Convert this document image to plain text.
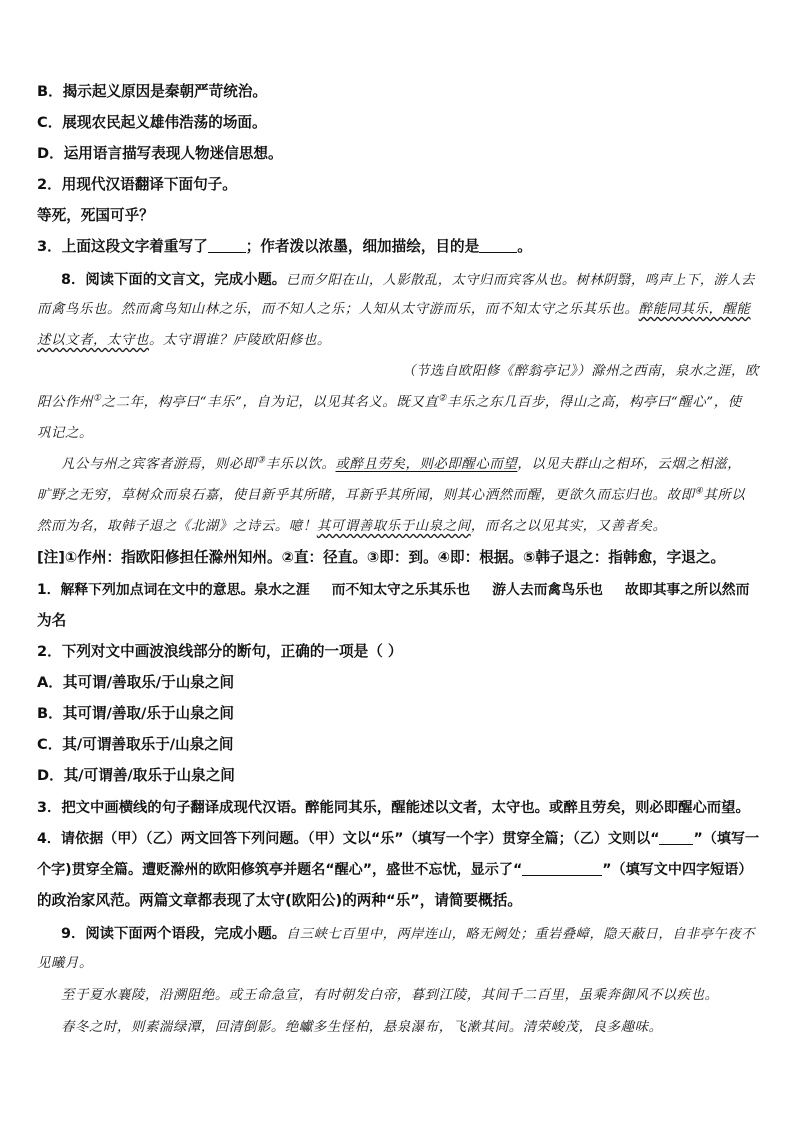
B．揭示起义原因是秦朝严苛统治。
C．展现农民起义雄伟浩荡的场面。
D．运用语言描写表现人物迷信思想。
2．用现代汉语翻译下面句子。
等死，死国可乎？
3．上面这段文字着重写了	；作者泼以浓墨，细加描绘，目的是	。
8．阅读下面的文言文，完成小题。已而夕阳在山，人影散乱，太守归而宾客从也。树林阴翳，鸣声上下，游人去
而禽鸟乐也。然而禽鸟知山林之乐，而不知人之乐；人知从太守游而乐，而不知太守之乐其乐也。醉能同其乐，醒能
述以文者，太守也。太守谓谁？庐陵欧阳修也。
（节选自欧阳修《醉翁亭记》）滁州之西南，泉水之涯，欧
阳公作州①之二年，构亭曰“丰乐”，自为记，以见其名义。既又直②丰乐之东几百步，得山之高，构亭曰“醒心”，使
巩记之。
凡公与州之宾客者游焉，则必即③丰乐以饮。或醉且劳矣，则必即醒心而望，以见夫群山之相环，云烟之相滋，
旷野之无穷，草树众而泉石嘉，使目新乎其所睹，耳新乎其所闻，则其心洒然而醒，更欲久而忘归也。故即④其所以
然而为名，取韩子退之《北湖》之诗云。噫！其可谓善取乐于山泉之间，而名之以见其实，又善者矣。
[注]①作州：指欧阳修担任滁州知州。②直：径直。③即：到。④即：根据。⑤韩子退之：指韩愈，字退之。
1．解释下列加点词在文中的意思。泉水之涯 而不知太守之乐其乐也 游人去而禽鸟乐也 故即其事之所以然而
为名
2．下列对文中画波浪线部分的断句，正确的一项是（ ）
A．其可谓/善取乐/于山泉之间
B．其可谓/善取/乐于山泉之间
C．其/可谓善取乐于/山泉之间
D．其/可谓善/取乐于山泉之间
3．把文中画横线的句子翻译成现代汉语。醉能同其乐，醒能述以文者，太守也。或醉且劳矣，则必即醒心而望。
4．请依据（甲）（乙）两文回答下列问题。（甲）文以“乐”（填写一个字）贯穿全篇；（乙）文则以“ ”（填写一
个字)贯穿全篇。遭贬滁州的欧阳修筑亭并题名“醒心”，盛世不忘忧，显示了“	”（填写文中四字短语）
的政治家风范。两篇文章都表现了太守(欧阳公)的两种“乐”，请简要概括。
9．阅读下面两个语段，完成小题。自三峡七百里中，两岸连山，略无阙处；重岩叠嶂，隐天蔽日，自非亭午夜不
见曦月。
至于夏水襄陵，沿溯阻绝。或王命急宣，有时朝发白帝，暮到江陵，其间千二百里，虽乘奔御风不以疾也。
春冬之时，则素湍绿潭，回清倒影。绝巘多生怪柏，悬泉瀑布，飞漱其间。清荣峻茂，良多趣味。
